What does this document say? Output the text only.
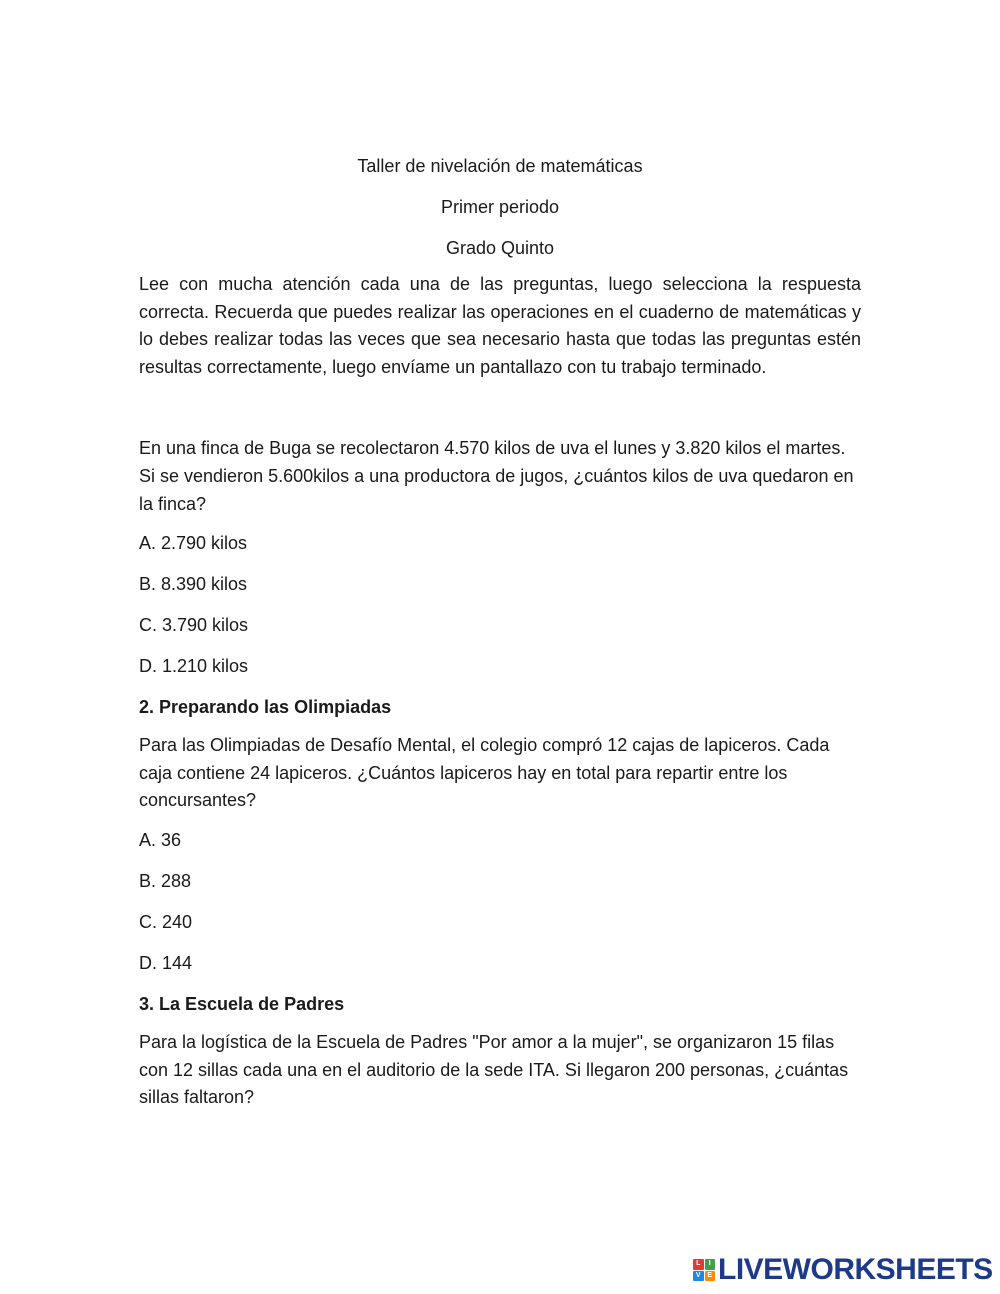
Taller de nivelación de matemáticas
Primer periodo
Grado Quinto

Lee con mucha atención cada una de las preguntas, luego selecciona la respuesta correcta. Recuerda que puedes realizar las operaciones en el cuaderno de matemáticas y lo debes realizar todas las veces que sea necesario hasta que todas las preguntas estén resultas correctamente, luego envíame un pantallazo con tu trabajo terminado.

En una finca de Buga se recolectaron 4.570 kilos de uva el lunes y 3.820 kilos el martes. Si se vendieron 5.600kilos a una productora de jugos, ¿cuántos kilos de uva quedaron en la finca?

A. 2.790 kilos
B. 8.390 kilos
C. 3.790 kilos
D. 1.210 kilos
2. Preparando las Olimpiadas

Para las Olimpiadas de Desafío Mental, el colegio compró 12 cajas de lapiceros. Cada caja contiene 24 lapiceros. ¿Cuántos lapiceros hay en total para repartir entre los concursantes?

A. 36
B. 288
C. 240
D. 144
3. La Escuela de Padres

Para la logística de la Escuela de Padres "Por amor a la mujer", se organizaron 15 filas con 12 sillas cada una en el auditorio de la sede ITA. Si llegaron 200 personas, ¿cuántas sillas faltaron?

L	I
V E LIVEWORKSHEETS
